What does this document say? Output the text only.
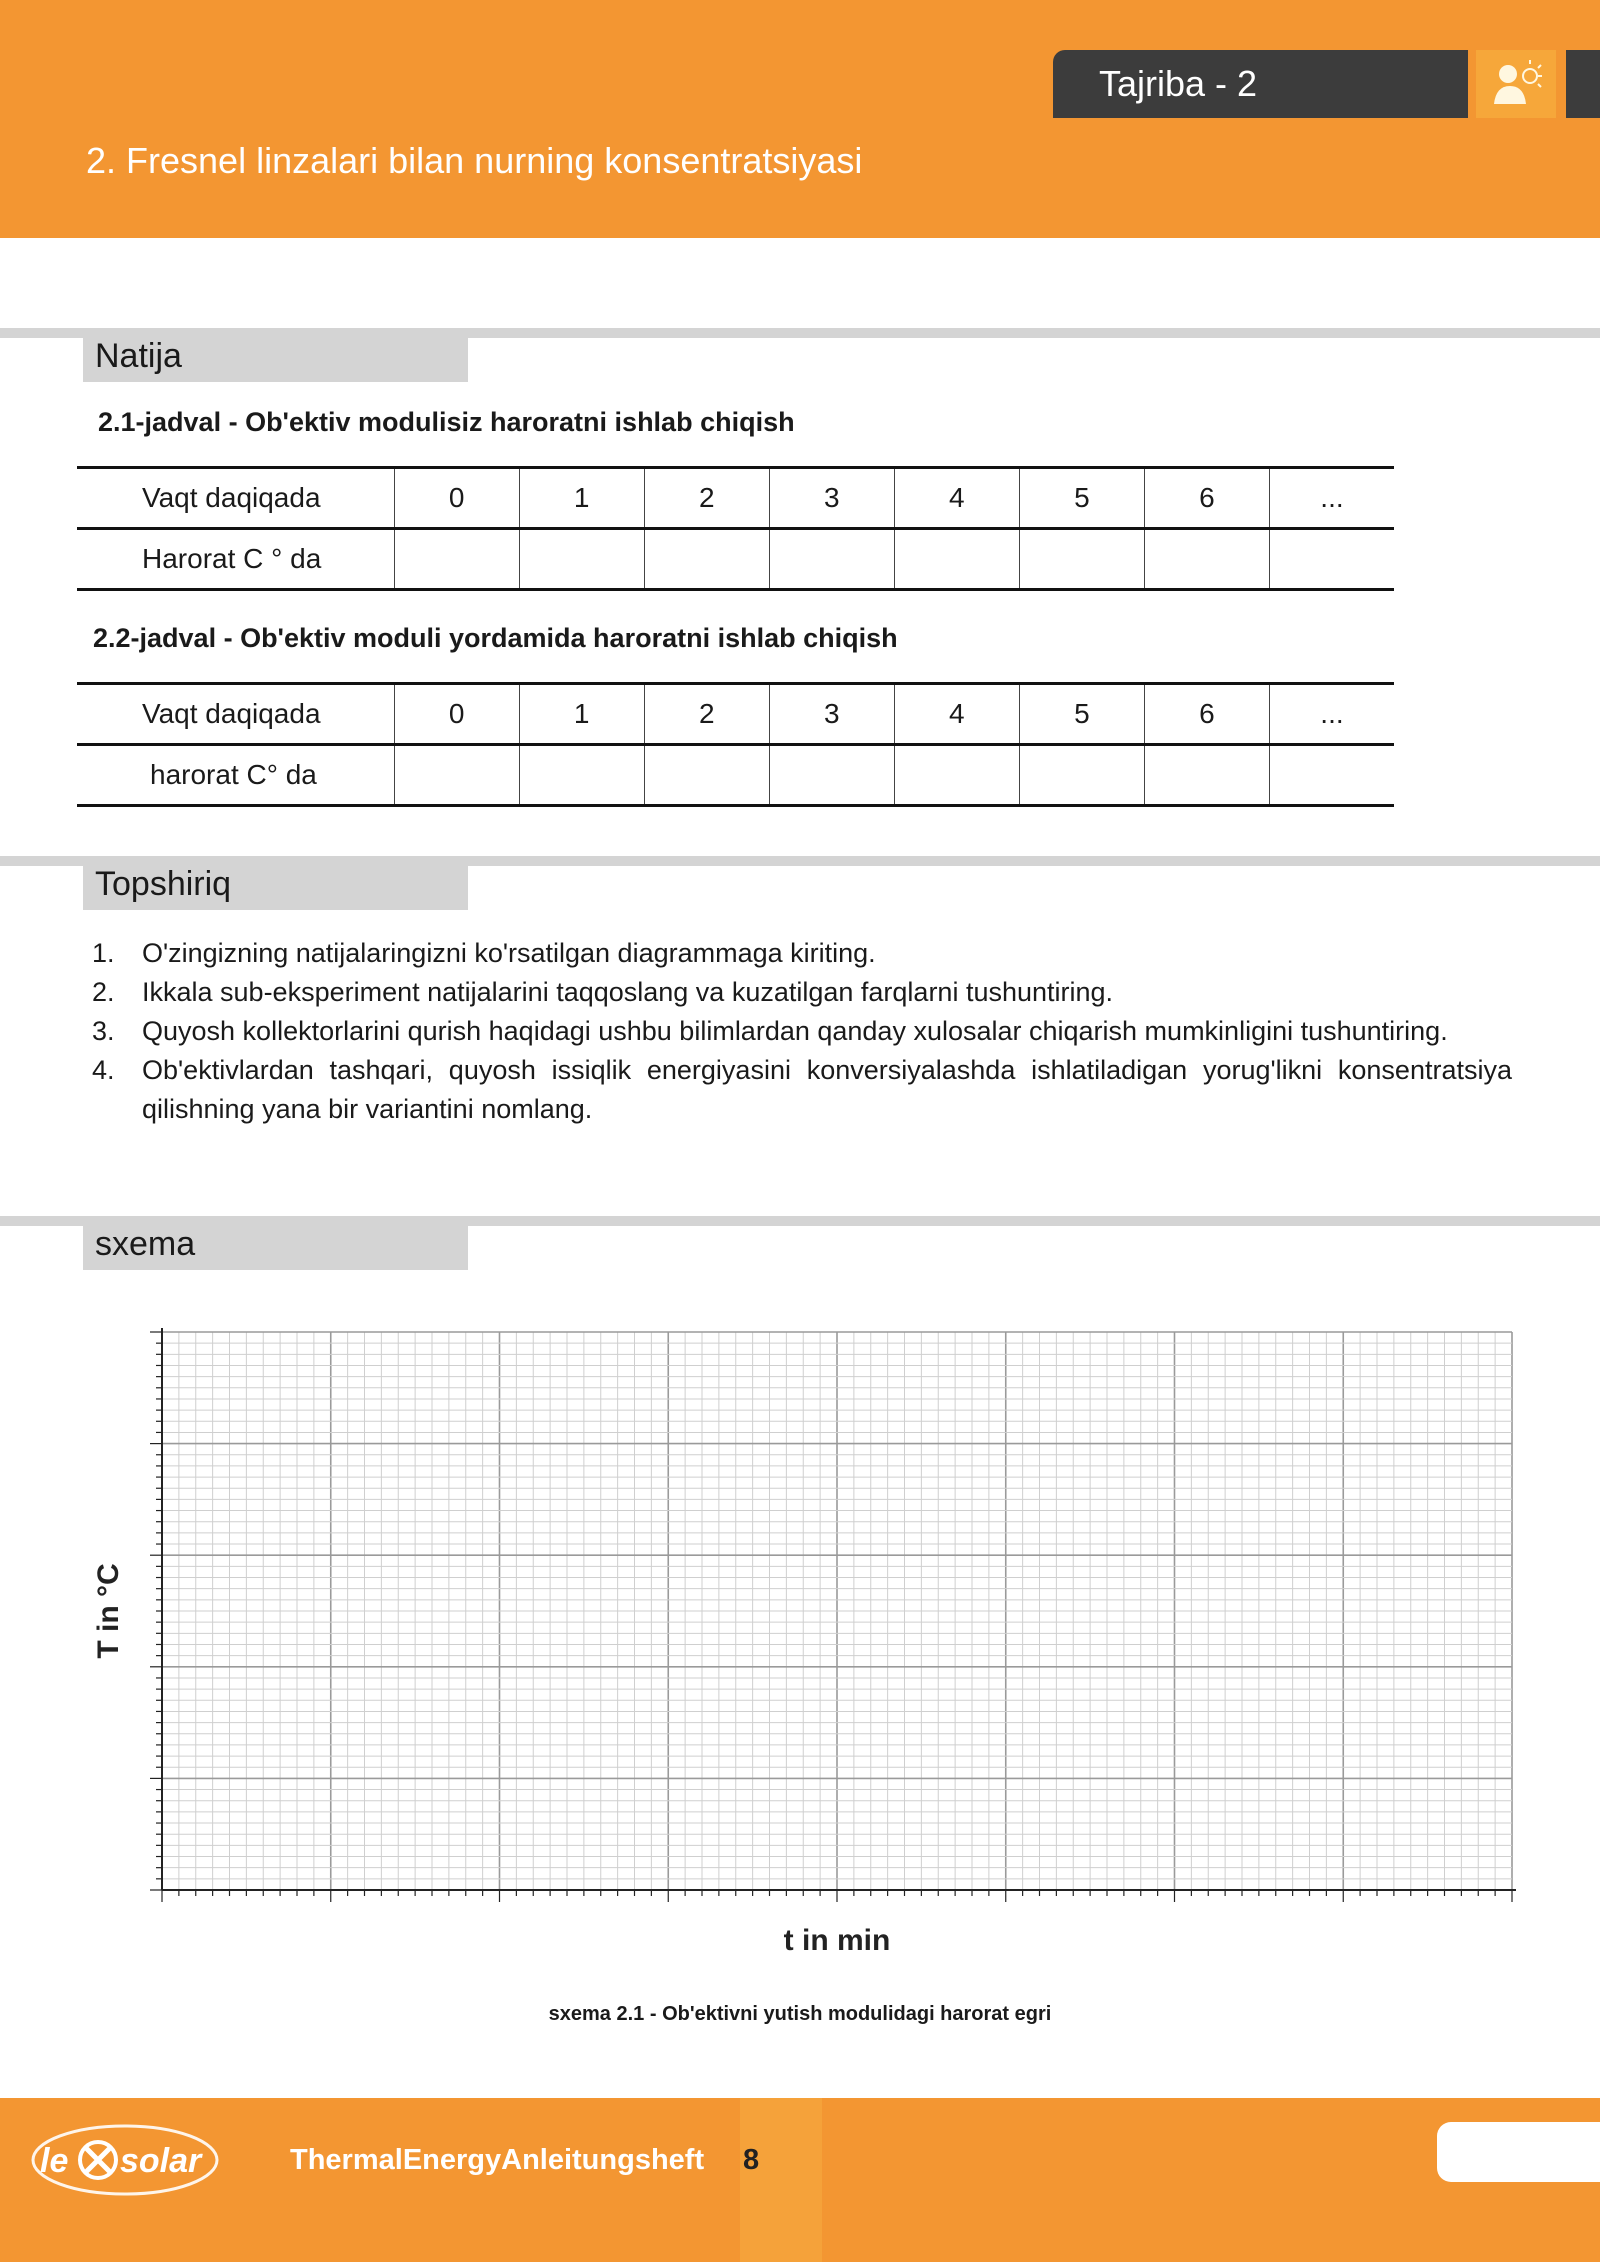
Tajriba - 2
2. Fresnel linzalari bilan nurning konsentratsiyasi
Natija
2.1-jadval - Ob'ektiv modulisiz haroratni ishlab chiqish
Vaqt daqiqada	0	1	2	3	4	5	6	...
Harorat C ° da								
2.2-jadval - Ob'ektiv moduli yordamida haroratni ishlab chiqish
Vaqt daqiqada	0	1	2	3	4	5	6	...
harorat C° da								
Topshiriq
1.	O'zingizning natijalaringizni ko'rsatilgan diagrammaga kiriting.
2.	Ikkala sub-eksperiment natijalarini taqqoslang va kuzatilgan farqlarni tushuntiring.
3.	Quyosh kollektorlarini qurish haqidagi ushbu bilimlardan qanday xulosalar chiqarish mumkinligini tushuntiring.
4.	Ob'ektivlardan tashqari, quyosh issiqlik energiyasini konversiyalashda ishlatiladigan yorug'likni konsentratsiya qilishning yana bir variantini nomlang.
sxema
t in min
T in °C
sxema 2.1 - Ob'ektivni yutish modulidagi harorat egri
le solar	ThermalEnergyAnleitungsheft 8
